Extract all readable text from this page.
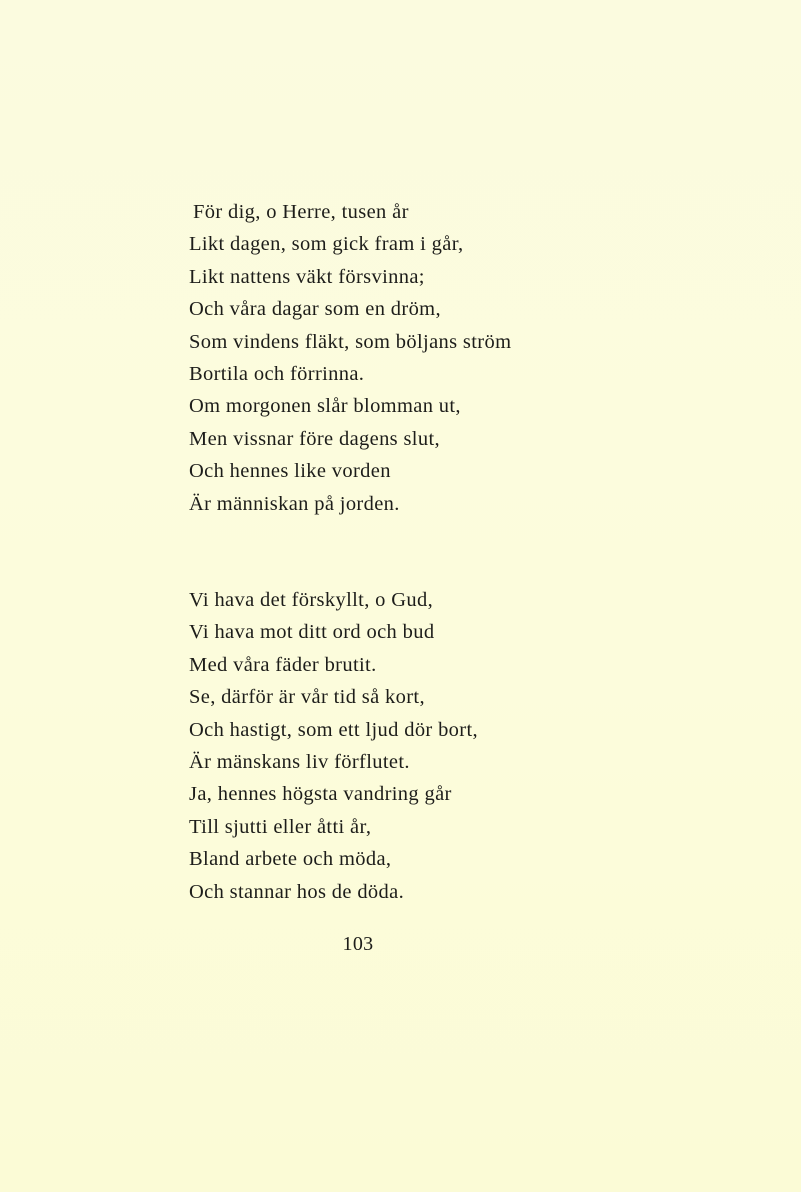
För dig, o Herre, tusen år
Likt dagen, som gick fram i går,
Likt nattens väkt försvinna;
Och våra dagar som en dröm,
Som vindens fläkt, som böljans ström
Bortila och förrinna.
Om morgonen slår blomman ut,
Men vissnar före dagens slut,
Och hennes like vorden
Är människan på jorden.
Vi hava det förskyllt, o Gud,
Vi hava mot ditt ord och bud
Med våra fäder brutit.
Se, därför är vår tid så kort,
Och hastigt, som ett ljud dör bort,
Är mänskans liv förflutet.
Ja, hennes högsta vandring går
Till sjutti eller åtti år,
Bland arbete och möda,
Och stannar hos de döda.
103
